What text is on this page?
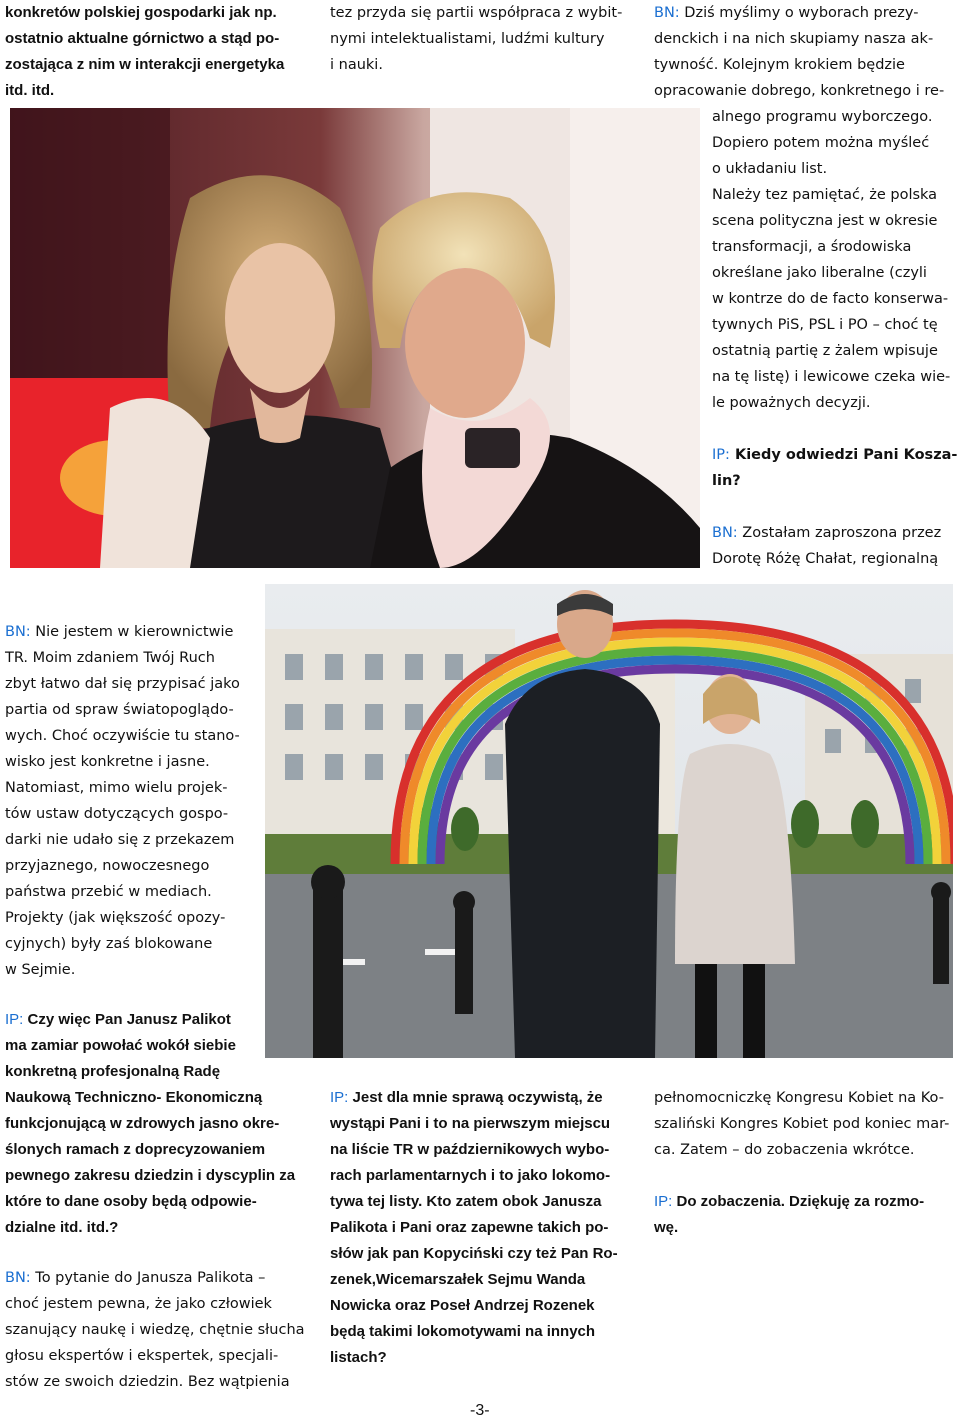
konkretów polskiej gospodarki jak np.

ostatnio aktualne górnictwo a stąd po-

zostająca z nim w interakcji energetyka

itd. itd.

tez przyda się partii współpraca z wybit-

nymi intelektualistami, ludźmi kultury

i nauki.

BN: Dziś myślimy o wyborach prezy-

denckich i na nich skupiamy nasza ak-

tywność. Kolejnym krokiem będzie

opracowanie dobrego, konkretnego i re-

alnego programu wyborczego.

Dopiero potem można myśleć

o układaniu list.

Należy tez pamiętać, że polska

scena polityczna jest w okresie

transformacji, a środowiska

określane jako liberalne (czyli

w kontrze do de facto konserwa-

tywnych PiS, PSL i PO – choć tę

ostatnią partię z żalem wpisuje

na tę listę) i lewicowe czeka wie-

le poważnych decyzji.

IP: Kiedy odwiedzi Pani Kosza-

lin?

BN: Zostałam zaproszona przez

Dorotę Różę Chałat, regionalną

BN: Nie jestem w kierownictwie

TR. Moim zdaniem Twój Ruch

zbyt łatwo dał się przypisać jako

partia od spraw światopoglądo-

wych. Choć oczywiście tu stano-

wisko jest konkretne i jasne.

Natomiast, mimo wielu projek-

tów ustaw dotyczących gospo-

darki nie udało się z przekazem

przyjaznego, nowoczesnego

państwa przebić w mediach.

Projekty (jak większość opozy-

cyjnych) były zaś blokowane

w Sejmie.

IP: Czy więc Pan Janusz Palikot

ma zamiar powołać wokół siebie

konkretną profesjonalną Radę

Naukową Techniczno- Ekonomiczną

funkcjonującą w zdrowych jasno okre-

ślonych ramach z doprecyzowaniem

pewnego zakresu dziedzin i dyscyplin za

które to dane osoby będą odpowie-

dzialne itd. itd.?

BN: To pytanie do Janusza Palikota –

choć jestem pewna, że jako człowiek

szanujący naukę i wiedzę, chętnie słucha

głosu ekspertów i ekspertek, specjali-

stów ze swoich dziedzin. Bez wątpienia

IP: Jest dla mnie sprawą oczywistą, że

wystąpi Pani i to na pierwszym miejscu

na liście TR w październikowych wybo-

rach parlamentarnych i to jako lokomo-

tywa tej listy. Kto zatem obok Janusza

Palikota i Pani oraz zapewne takich po-

słów jak pan Kopyciński czy też Pan Ro-

zenek,Wicemarszałek Sejmu Wanda

Nowicka oraz Poseł Andrzej Rozenek

będą takimi lokomotywami na innych

listach?

pełnomocniczkę Kongresu Kobiet na Ko-

szaliński Kongres Kobiet pod koniec mar-

ca. Zatem – do zobaczenia wkrótce.

IP: Do zobaczenia. Dziękuję za rozmo-

wę.

-3-
